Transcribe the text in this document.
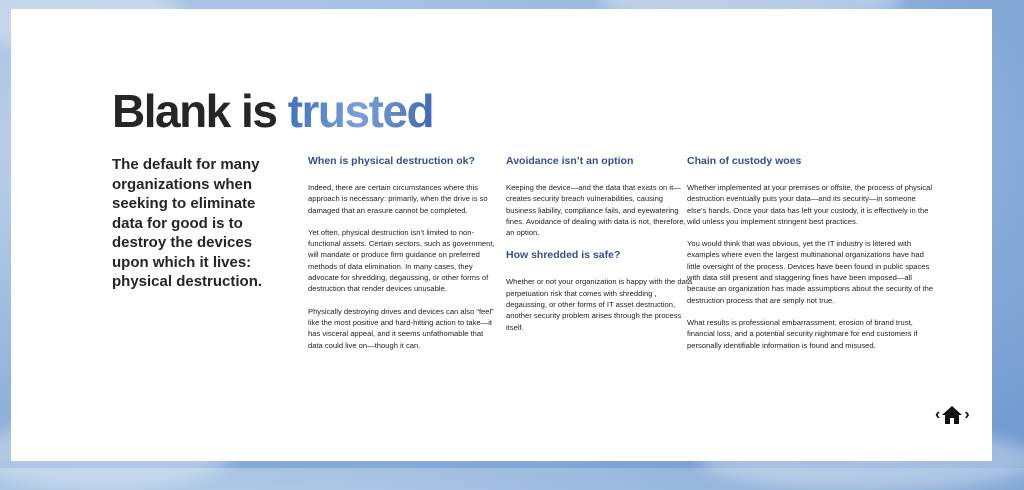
Blank is trusted

The default for many organizations when seeking to eliminate data for good is to destroy the devices upon which it lives: physical destruction.

When is physical destruction ok?

Indeed, there are certain circumstances where this approach is necessary: primarily, when the drive is so damaged that an erasure cannot be completed.

Yet often, physical destruction isn’t limited to non-functional assets. Certain sectors, such as government, will mandate or produce firm guidance on preferred methods of data elimination. In many cases, they advocate for shredding, degaussing, or other forms of destruction that render devices unusable.

Physically destroying drives and devices can also “feel” like the most positive and hard-hitting action to take—it has visceral appeal, and it seems unfathomable that data could live on—though it can.

Avoidance isn’t an option

Keeping the device—and the data that exists on it—creates security breach vulnerabilities, causing business liability, compliance fails, and eyewatering fines. Avoidance of dealing with data is not, therefore, an option.

How shredded is safe?

Whether or not your organization is happy with the data perpetuation risk that comes with shredding , degaussing, or other forms of IT asset destruction, another security problem arises through the process itself.

Chain of custody woes

Whether implemented at your premises or offsite, the process of physical destruction eventually puts your data—and its security—in someone else’s hands. Once your data has left your custody, it is effectively in the wild unless you implement stringent best practices.

You would think that was obvious, yet the IT industry is littered with examples where even the largest multinational organizations have had little oversight of the process. Devices have been found in public spaces with data still present and staggering fines have been imposed—all because an organization has made assumptions about the security of the destruction process that are simply not true.

What results is professional embarrassment, erosion of brand trust, financial loss, and a potential security nightmare for end customers if personally identifiable information is found and misused.

‹ ›
